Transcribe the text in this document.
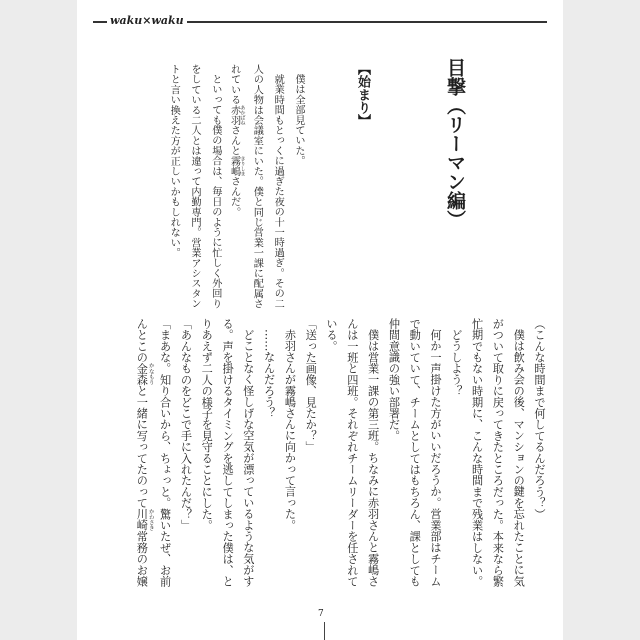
waku×waku
目撃（リーマン編）
【始まり】
僕は全部見ていた。
就業時間もとっくに過ぎた夜の十一時過ぎ。その二
人の人物は会議室にいた。僕と同じ営業一課に配属さ
れている赤羽 あかばねさんと霧嶋 きりしまさんだ。
といっても僕の場合は、毎日のように忙しく外回り
をしている二人とは違って内勤専門。営業アシスタン
トと言い換えた方が正しいかもしれない。
（こんな時間まで何してるんだろう？）
僕は飲み会の後、マンションの鍵を忘れたことに気
がついて取りに戻ってきたところだった。本来なら繁
忙期でもない時期に、こんな時間まで残業はしない。
どうしよう？
何か一声掛けた方がいいだろうか。営業部はチーム
で動いていて、チームとしてはもちろん、課としても
仲間意識の強い部署だ。
僕は営業一課の第三班。ちなみに赤羽さんと霧嶋さ
んは一班と四班。それぞれチームリーダーを任されて
いる。
「送った画像、見たか？」
赤羽さんが霧嶋さんに向かって言った。
……なんだろう？
どことなく怪しげな空気が漂っているような気がす
る。声を掛けるタイミングを逃してしまった僕は、と
りあえず二人の様子を見守ることにした。
「あんなものをどこで手に入れたんだ？」
「まあな。知り合いから、ちょっと。驚いたぜ、お前
んとこの金森 かなもりと一緒に写ってたのって川崎 かわさき常務のお嬢
7
